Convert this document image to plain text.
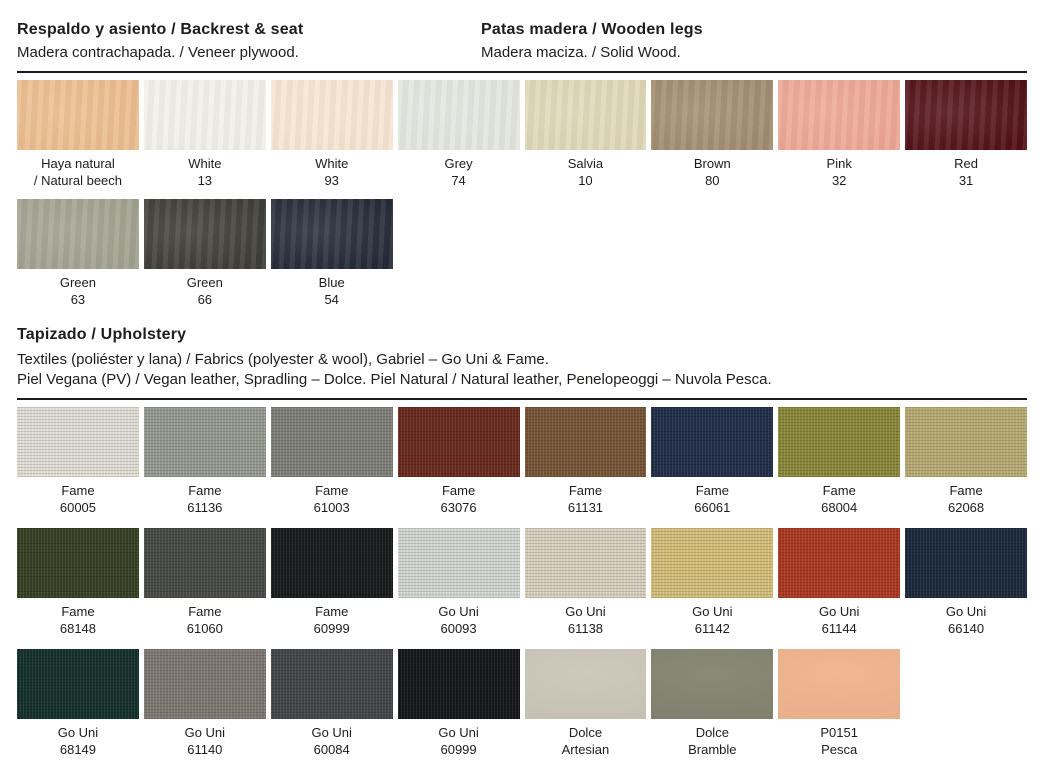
Respaldo y asiento / Backrest & seat

Madera contrachapada. / Veneer plywood.

Patas madera / Wooden legs

Madera maciza. / Solid Wood.

Haya natural
/ Natural beech
White
13
White
93
Grey
74
Salvia
10
Brown
80
Pink
32
Red
31
Green
63
Green
66
Blue
54

Tapizado / Upholstery

Textiles (poliéster y lana) / Fabrics (polyester & wool), Gabriel – Go Uni & Fame.

Piel Vegana (PV) / Vegan leather, Spradling – Dolce. Piel Natural / Natural leather, Penelopeoggi – Nuvola Pesca.

Fame
60005
Fame
61136
Fame
61003
Fame
63076
Fame
61131
Fame
66061
Fame
68004
Fame
62068
Fame
68148
Fame
61060
Fame
60999
Go Uni
60093
Go Uni
61138
Go Uni
61142
Go Uni
61144
Go Uni
66140
Go Uni
68149
Go Uni
61140
Go Uni
60084
Go Uni
60999
Dolce
Artesian
Dolce
Bramble
P0151
Pesca
